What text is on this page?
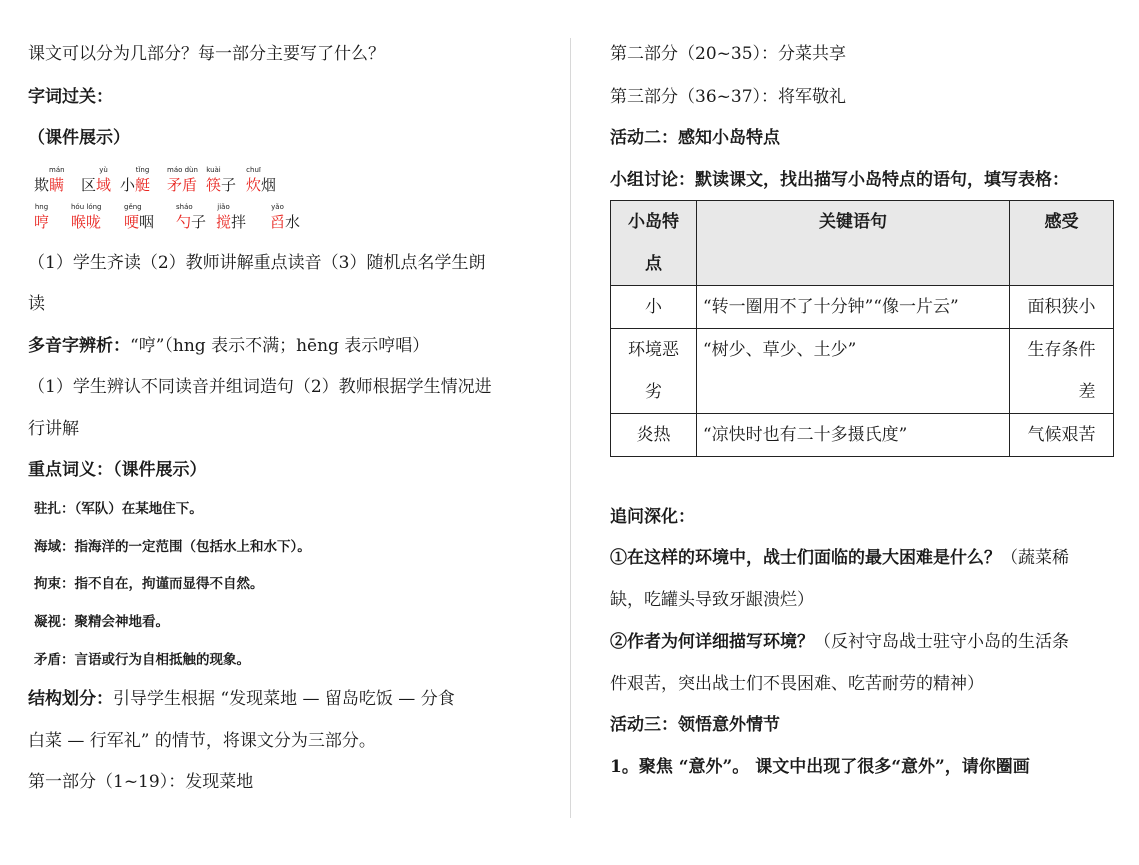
课文可以分为几部分？每一部分主要写了什么？
字词过关：
（课件展示）
mán
欺瞒
yù
区域
tǐng
小艇
máo dùn
矛盾
kuài
筷子
chuī
炊烟
hng
哼
hóu lóng
喉咙
gěng
哽咽
sháo
勺子
jiǎo
搅拌
yǎo
舀水
（1）学生齐读（2）教师讲解重点读音（3）随机点名学生朗
读
多音字辨析：“哼”（hng 表示不满；hēng 表示哼唱）
（1）学生辨认不同读音并组词造句（2）教师根据学生情况进
行讲解
重点词义：（课件展示）
驻扎：（军队）在某地住下。
海域：指海洋的一定范围（包括水上和水下）。
拘束：指不自在，拘谨而显得不自然。
凝视：聚精会神地看。
矛盾：言语或行为自相抵触的现象。
结构划分：引导学生根据 “发现菜地 — 留岛吃饭 — 分食
白菜 — 行军礼” 的情节，将课文分为三部分。
第一部分（1~19）：发现菜地
第二部分（20~35）：分菜共享
第三部分（36~37）：将军敬礼
活动二：感知小岛特点
小组讨论：默读课文，找出描写小岛特点的语句，填写表格：
小岛特点	关键语句	感受
小	“转一圈用不了十分钟”“像一片云”	面积狭小

环境恶劣	“树少、草少、土少”	生存条件差

炎热	“凉快时也有二十多摄氏度”	气候艰苦
追问深化：
①在这样的环境中，战士们面临的最大困难是什么？（蔬菜稀
缺，吃罐头导致牙龈溃烂）
②作者为何详细描写环境？（反衬守岛战士驻守小岛的生活条
件艰苦，突出战士们不畏困难、吃苦耐劳的精神）
活动三：领悟意外情节
1。聚焦 “意外”。 课文中出现了很多“意外”，请你圈画
